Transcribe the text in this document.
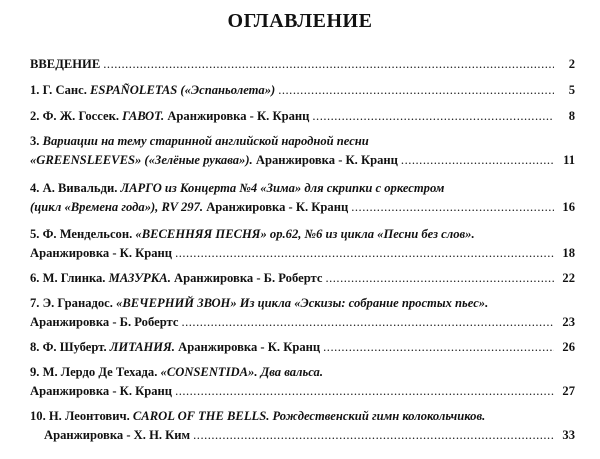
ОГЛАВЛЕНИЕ
ВВЕДЕНИЕ .....	2
1. Г. Санс. ESPAÑOLETAS («Эспаньолета») .....	5
2. Ф. Ж. Госсек. ГАВОТ. Аранжировка - К. Кранц .....	8
3. Вариации на тему старинной английской народной песни
«GREENSLEEVES» («Зелёные рукава»). Аранжировка - К. Кранц .....	11
4. А. Вивальди. ЛАРГО из Концерта №4 «Зима» для скрипки с оркестром
(цикл «Времена года»), RV 297. Аранжировка - К. Кранц .....	16
5. Ф. Мендельсон. «ВЕСЕННЯЯ ПЕСНЯ» ор.62, №6 из цикла «Песни без слов».
Аранжировка - К. Кранц .....	18
6. М. Глинка. МАЗУРКА. Аранжировка - Б. Робертс .....	22
7. Э. Гранадос. «ВЕЧЕРНИЙ ЗВОН» Из цикла «Эскизы: собрание простых пьес».
Аранжировка - Б. Робертс .....	23
8. Ф. Шуберт. ЛИТАНИЯ. Аранжировка - К. Кранц .....	26
9. М. Лердо Де Техада. «CONSENTIDA». Два вальса.
Аранжировка - К. Кранц .....	27
10. Н. Леонтович. CAROL OF THE BELLS. Рождественский гимн колокольчиков.
Аранжировка - Х. Н. Ким .....	33
